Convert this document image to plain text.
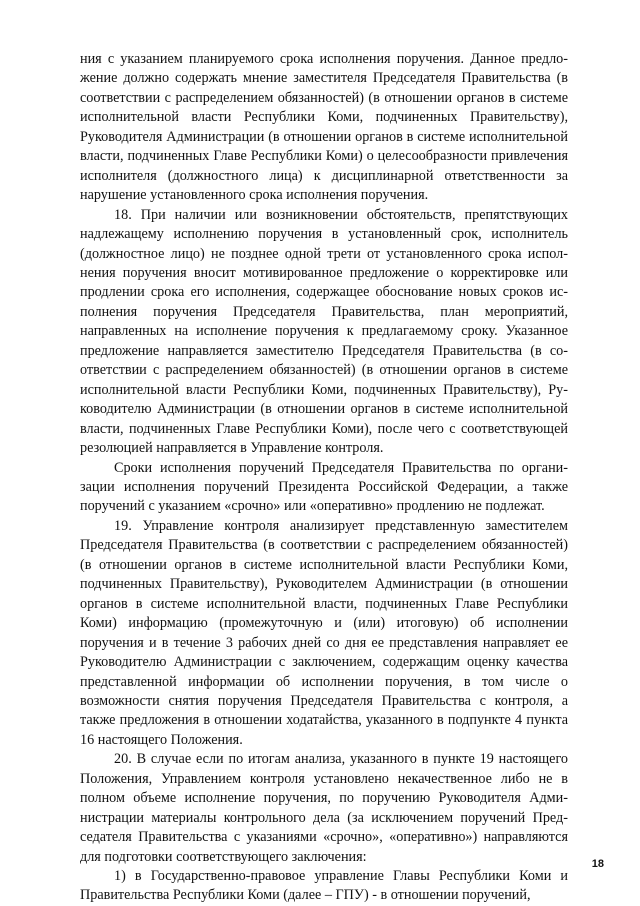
ния с указанием планируемого срока исполнения поручения. Данное предложение должно содержать мнение заместителя Председателя Правительства (в соответствии с распределением обязанностей) (в отношении органов в системе исполнительной власти Республики Коми, подчиненных Правительству), Руководителя Администрации (в отношении органов в системе исполнительной власти, подчиненных Главе Республики Коми) о целесообразности привлечения исполнителя (должностного лица) к дисциплинарной ответственности за нарушение установленного срока исполнения поручения.

18. При наличии или возникновении обстоятельств, препятствующих надлежащему исполнению поручения в установленный срок, исполнитель (должностное лицо) не позднее одной трети от установленного срока исполнения поручения вносит мотивированное предложение о корректировке или продлении срока его исполнения, содержащее обоснование новых сроков исполнения поручения Председателя Правительства, план мероприятий, направленных на исполнение поручения к предлагаемому сроку. Указанное предложение направляется заместителю Председателя Правительства (в соответствии с распределением обязанностей) (в отношении органов в системе исполнительной власти Республики Коми, подчиненных Правительству), Руководителю Администрации (в отношении органов в системе исполнительной власти, подчиненных Главе Республики Коми), после чего с соответствующей резолюцией направляется в Управление контроля.

Сроки исполнения поручений Председателя Правительства по организации исполнения поручений Президента Российской Федерации, а также поручений с указанием «срочно» или «оперативно» продлению не подлежат.

19. Управление контроля анализирует представленную заместителем Председателя Правительства (в соответствии с распределением обязанностей) (в отношении органов в системе исполнительной власти Республики Коми, подчиненных Правительству), Руководителем Администрации (в отношении органов в системе исполнительной власти, подчиненных Главе Республики Коми) информацию (промежуточную и (или) итоговую) об исполнении поручения и в течение 3 рабочих дней со дня ее представления направляет ее Руководителю Администрации с заключением, содержащим оценку качества представленной информации об исполнении поручения, в том числе о возможности снятия поручения Председателя Правительства с контроля, а также предложения в отношении ходатайства, указанного в подпункте 4 пункта 16 настоящего Положения.

20. В случае если по итогам анализа, указанного в пункте 19 настоящего Положения, Управлением контроля установлено некачественное либо не в полном объеме исполнение поручения, по поручению Руководителя Администрации материалы контрольного дела (за исключением поручений Председателя Правительства с указаниями «срочно», «оперативно») направляются для подготовки соответствующего заключения:

1) в Государственно-правовое управление Главы Республики Коми и Правительства Республики Коми (далее – ГПУ) - в отношении поручений,

18
